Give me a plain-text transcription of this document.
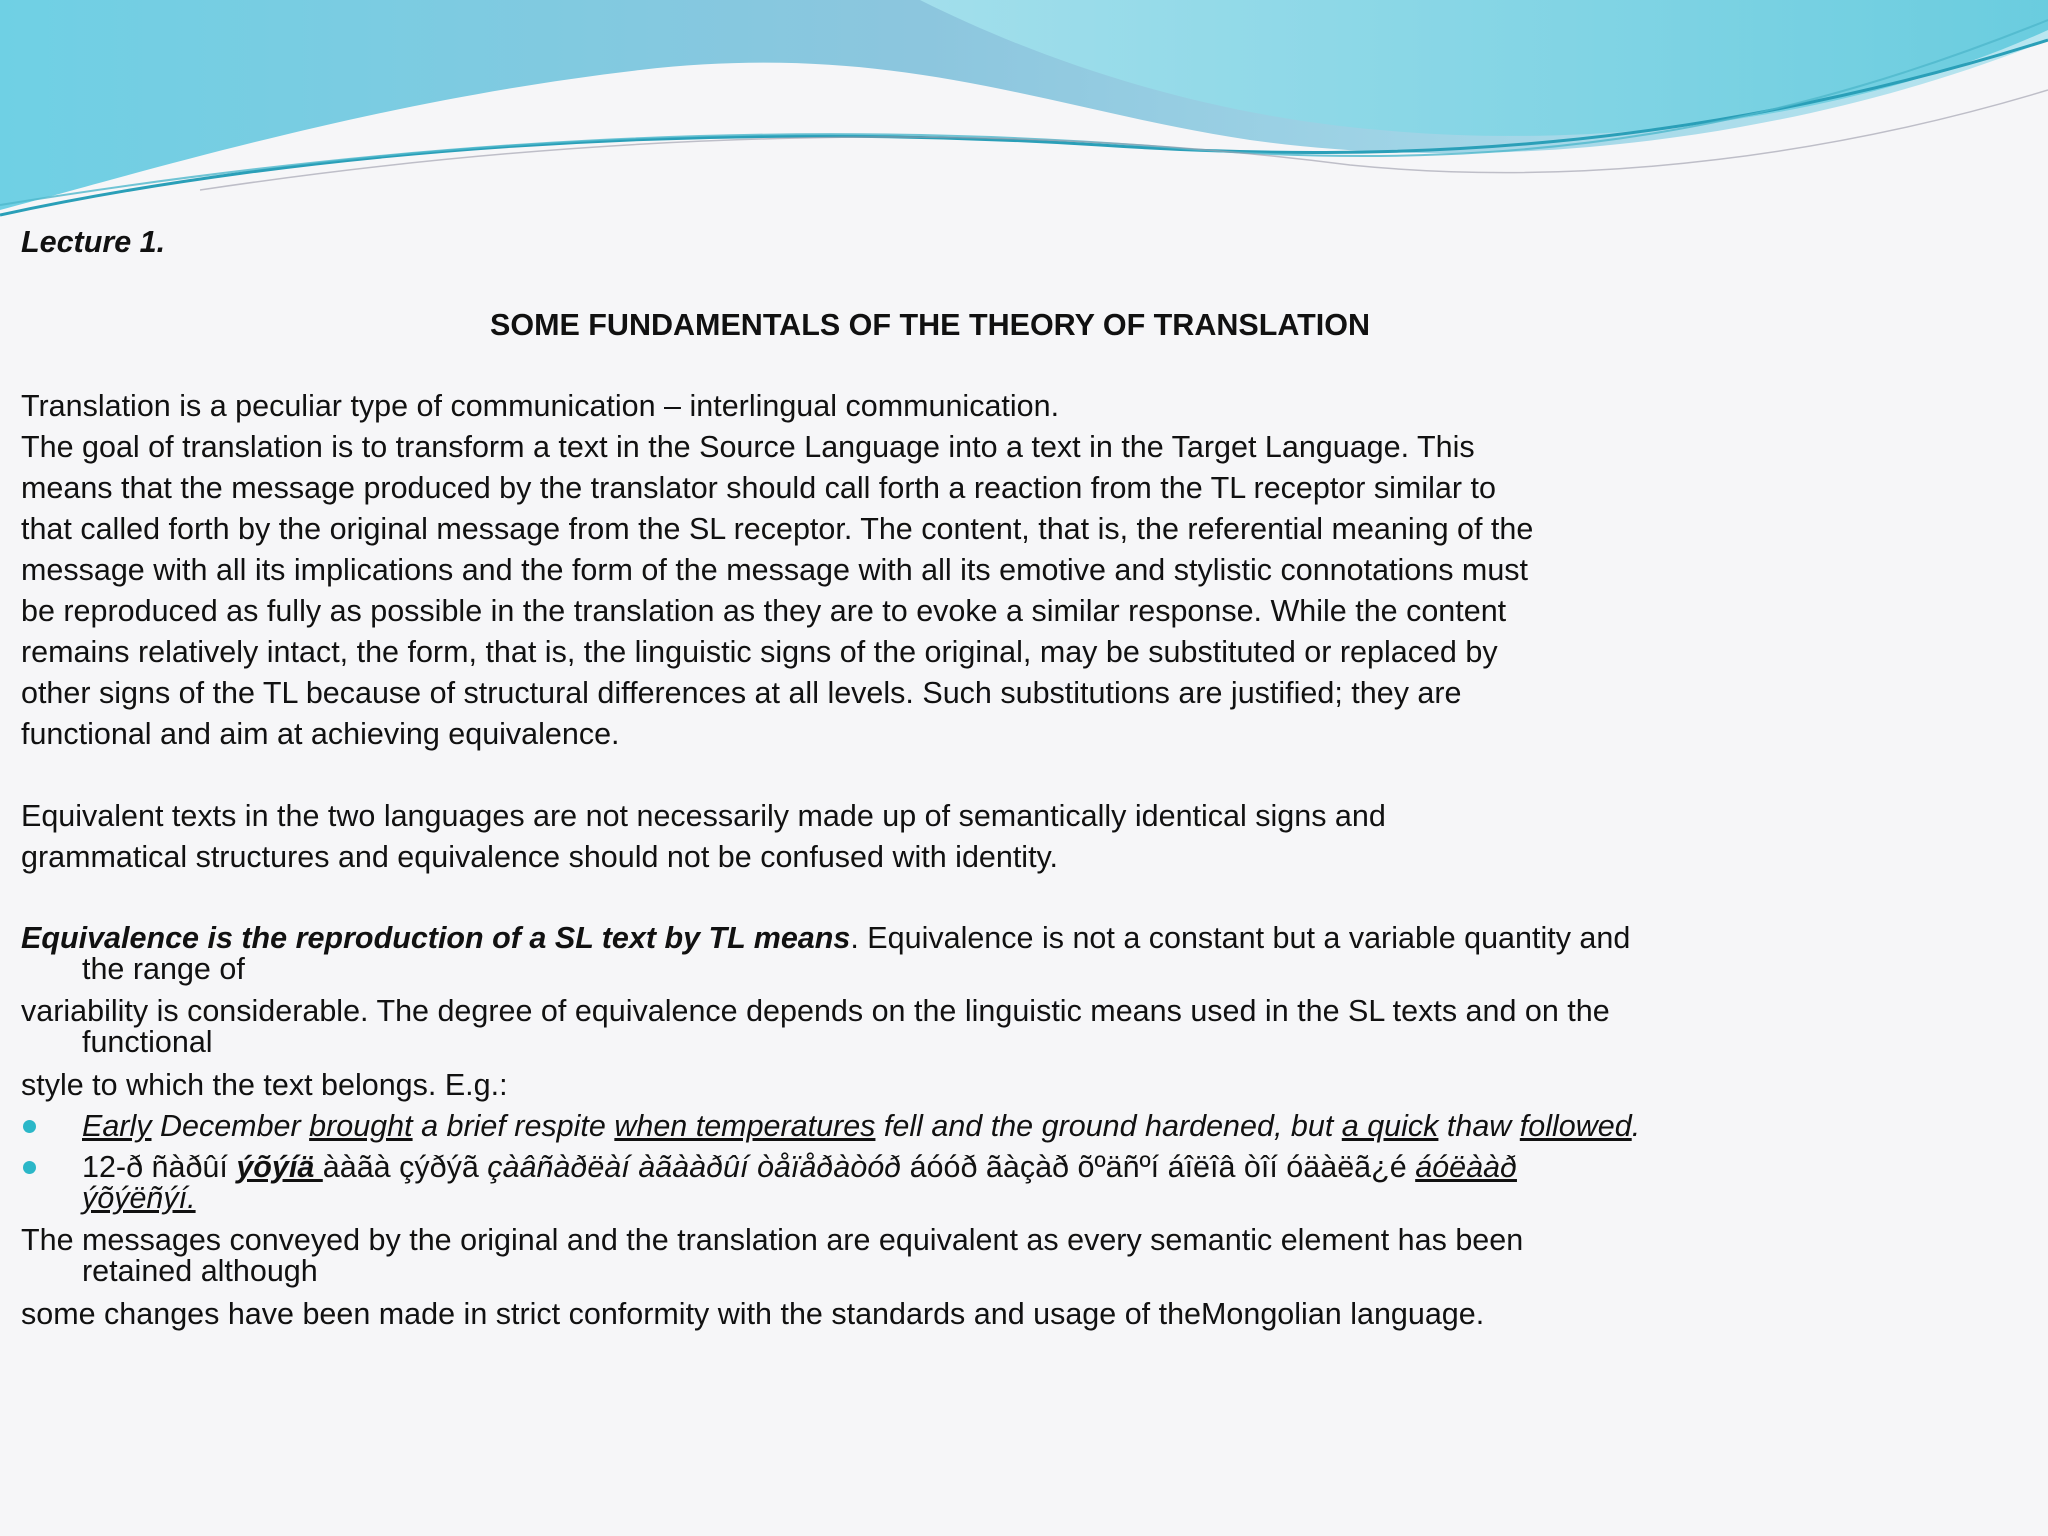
Lecture 1.
SOME FUNDAMENTALS OF THE THEORY OF TRANSLATION
Translation is a peculiar type of communication – interlingual communication.
The goal of translation is to transform a text in the Source Language into a text in the Target Language. This
means that the message produced by the translator should call forth a reaction from the TL receptor similar to
that called forth by the original message from the SL receptor. The content, that is, the referential meaning of the
message with all its implications and the form of the message with all its emotive and stylistic connotations must
be reproduced as fully as possible in the translation as they are to evoke a similar response. While the content
remains relatively intact, the form, that is, the linguistic signs of the original, may be substituted or replaced by
other signs of the TL because of structural differences at all levels. Such substitutions are justified; they are
functional and aim at achieving equivalence.
Equivalent texts in the two languages are not necessarily made up of semantically identical signs and
grammatical structures and equivalence should not be confused with identity.
Equivalence is the reproduction of a SL text by TL means. Equivalence is not a constant but a variable quantity and
the range of
variability is considerable. The degree of equivalence depends on the linguistic means used in the SL texts and on the
functional
style to which the text belongs. E.g.:
Early December brought a brief respite when temperatures fell and the ground hardened, but a quick thaw followed.
12-ð ñàðûí ýõýíä ààãà çýðýã çàâñàðëàí àãààðûí òåïåðàòóð áóóð ãàçàð õºäñºí áîëîâ òîí óäàëã¿é áóëààð
ýõýëñýí.
The messages conveyed by the original and the translation are equivalent as every semantic element has been
retained although
some changes have been made in strict conformity with the standards and usage of theMongolian language.
